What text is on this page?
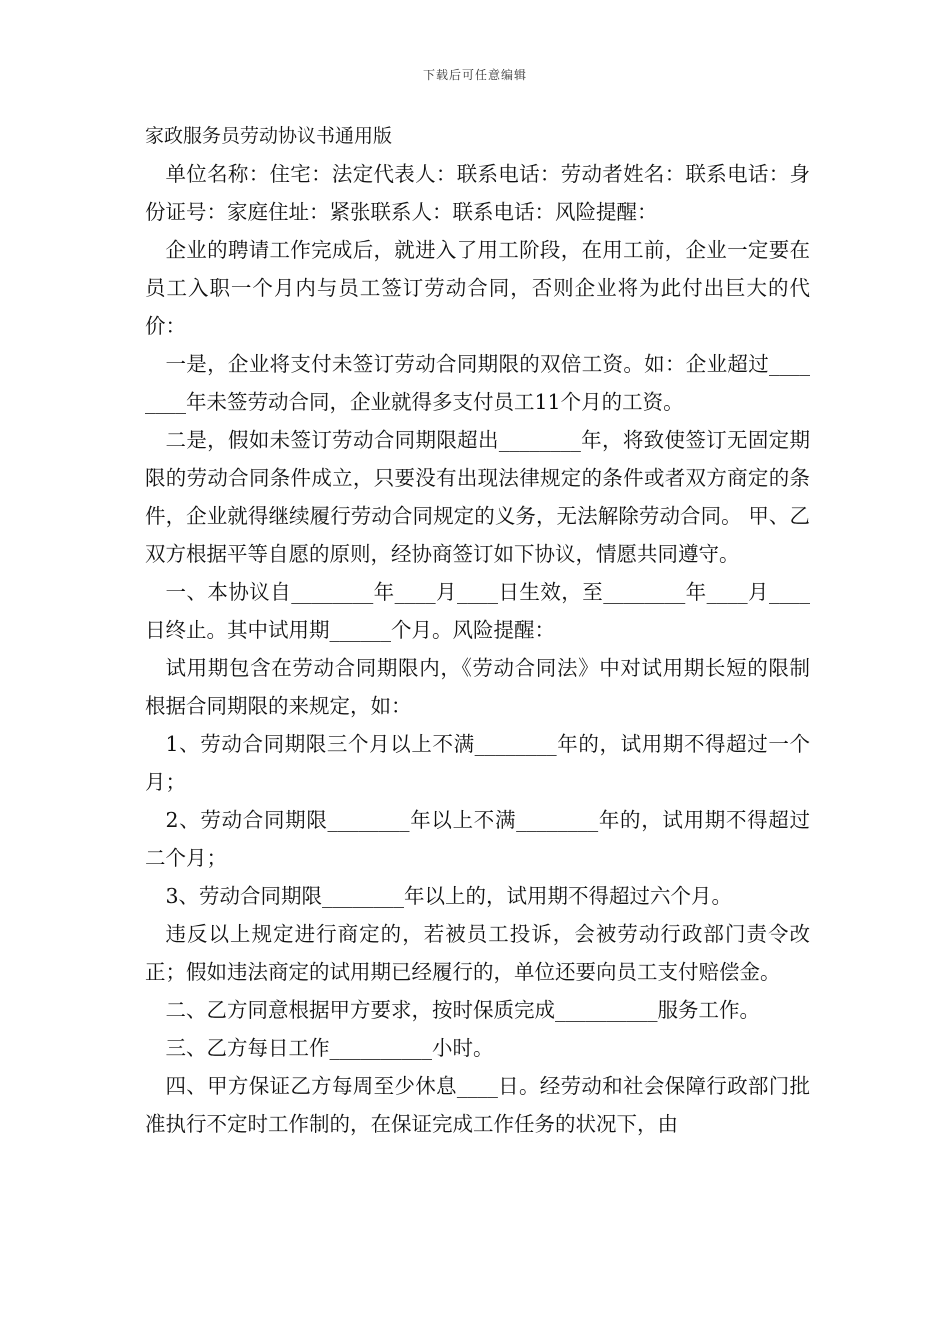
下载后可任意编辑
家政服务员劳动协议书通用版

单位名称：住宅：法定代表人：联系电话：劳动者姓名：联系电话：身份证号：家庭住址：紧张联系人：联系电话：风险提醒：

企业的聘请工作完成后，就进入了用工阶段，在用工前，企业一定要在员工入职一个月内与员工签订劳动合同，否则企业将为此付出巨大的代价：

一是，企业将支付未签订劳动合同期限的双倍工资。如：企业超过________年未签劳动合同，企业就得多支付员工11个月的工资。

二是，假如未签订劳动合同期限超出________年，将致使签订无固定期限的劳动合同条件成立，只要没有出现法律规定的条件或者双方商定的条件，企业就得继续履行劳动合同规定的义务，无法解除劳动合同。 甲、乙双方根据平等自愿的原则，经协商签订如下协议，情愿共同遵守。

一、本协议自________年____月____日生效，至________年____月____日终止。其中试用期______个月。风险提醒：

试用期包含在劳动合同期限内，《劳动合同法》中对试用期长短的限制根据合同期限的来规定，如：

1、劳动合同期限三个月以上不满________年的，试用期不得超过一个月；

2、劳动合同期限________年以上不满________年的，试用期不得超过二个月；

3、劳动合同期限________年以上的，试用期不得超过六个月。

违反以上规定进行商定的，若被员工投诉，会被劳动行政部门责令改正；假如违法商定的试用期已经履行的，单位还要向员工支付赔偿金。

二、乙方同意根据甲方要求，按时保质完成__________服务工作。

三、乙方每日工作__________小时。

四、甲方保证乙方每周至少休息____日。经劳动和社会保障行政部门批准执行不定时工作制的，在保证完成工作任务的状况下，由
